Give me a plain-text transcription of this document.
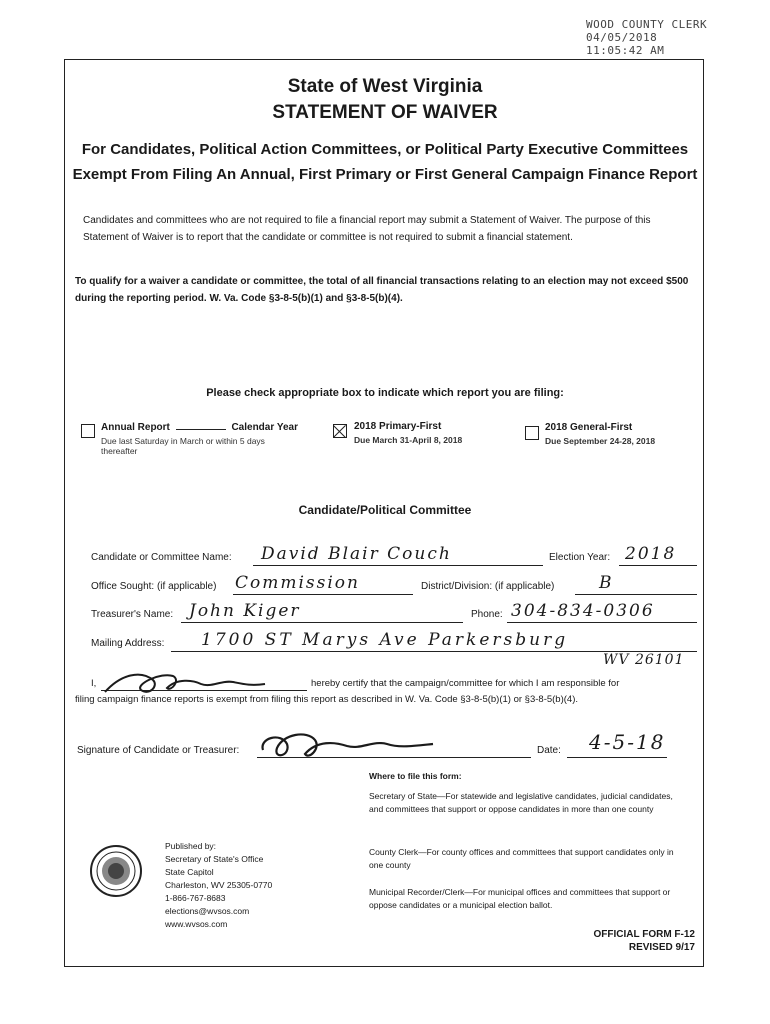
WOOD COUNTY CLERK
04/05/2018
11:05:42 AM
State of West Virginia
STATEMENT OF WAIVER
For Candidates, Political Action Committees, or Political Party Executive Committees
Exempt From Filing An Annual, First Primary or First General Campaign Finance Report
Candidates and committees who are not required to file a financial report may submit a Statement of Waiver. The purpose of this Statement of Waiver is to report that the candidate or committee is not required to submit a financial statement.
To qualify for a waiver a candidate or committee, the total of all financial transactions relating to an election may not exceed $500 during the reporting period. W. Va. Code §3-8-5(b)(1) and §3-8-5(b)(4).
Please check appropriate box to indicate which report you are filing:
Annual Report	Calendar Year
Due last Saturday in March or within 5 days thereafter
2018 Primary-First
Due March 31-April 8, 2018
2018 General-First
Due September 24-28, 2018
Candidate/Political Committee
Candidate or Committee Name: David Blair Couch	Election Year: 2018
Office Sought: (if applicable) Commission	District/Division: (if applicable)	B
Treasurer's Name: John Kiger	Phone: 304-834-0306
Mailing Address: 1700 ST Marys Ave Parkersburg
WV 26101
I,	hereby certify that the campaign/committee for which I am responsible for
filing campaign finance reports is exempt from filing this report as described in W. Va. Code §3-8-5(b)(1) or §3-8-5(b)(4).
Signature of Candidate or Treasurer:	Date: 4-5-18
Where to file this form:
Secretary of State—For statewide and legislative candidates, judicial candidates, and committees that support or oppose candidates in more than one county
County Clerk—For county offices and committees that support candidates only in one county
Municipal Recorder/Clerk—For municipal offices and committees that support or oppose candidates or a municipal election ballot.
Published by:
Secretary of State's Office
State Capitol
Charleston, WV 25305-0770
1-866-767-8683
elections@wvsos.com
www.wvsos.com
OFFICIAL FORM F-12
REVISED 9/17
